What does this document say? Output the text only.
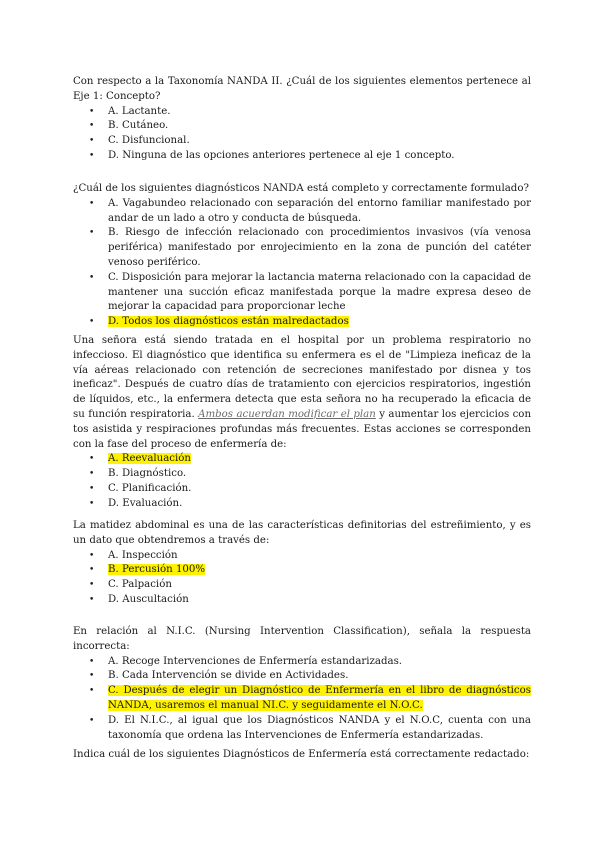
Con respecto a la Taxonomía NANDA II. ¿Cuál de los siguientes elementos pertenece al Eje 1: Concepto?

• A. Lactante.
• B. Cutáneo.
• C. Disfuncional.
• D. Ninguna de las opciones anteriores pertenece al eje 1 concepto.

¿Cuál de los siguientes diagnósticos NANDA está completo y correctamente formulado?

• A. Vagabundeo relacionado con separación del entorno familiar manifestado por andar de un lado a otro y conducta de búsqueda.
• B. Riesgo de infección relacionado con procedimientos invasivos (vía venosa periférica) manifestado por enrojecimiento en la zona de punción del catéter venoso periférico.
• C. Disposición para mejorar la lactancia materna relacionado con la capacidad de mantener una succión eficaz manifestada porque la madre expresa deseo de mejorar la capacidad para proporcionar leche
• D. Todos los diagnósticos están malredactados

Una señora está siendo tratada en el hospital por un problema respiratorio no infeccioso. El diagnóstico que identifica su enfermera es el de "Limpieza ineficaz de la vía aéreas relacionado con retención de secreciones manifestado por disnea y tos ineficaz". Después de cuatro días de tratamiento con ejercicios respiratorios, ingestión de líquidos, etc., la enfermera detecta que esta señora no ha recuperado la eficacia de su función respiratoria. Ambos acuerdan modificar el plan y aumentar los ejercicios con tos asistida y respiraciones profundas más frecuentes. Estas acciones se corresponden con la fase del proceso de enfermería de:

• A. Reevaluación
• B. Diagnóstico.
• C. Planificación.
• D. Evaluación.

La matidez abdominal es una de las características definitorias del estreñimiento, y es un dato que obtendremos a través de:

• A. Inspección
• B. Percusión 100%
• C. Palpación
• D. Auscultación

En relación al N.I.C. (Nursing Intervention Classification), señala la respuesta incorrecta:

• A. Recoge Intervenciones de Enfermería estandarizadas.
• B. Cada Intervención se divide en Actividades.
• C. Después de elegir un Diagnóstico de Enfermería en el libro de diagnósticos NANDA, usaremos el manual NI.C. y seguidamente el N.O.C.
• D. El N.I.C., al igual que los Diagnósticos NANDA y el N.O.C, cuenta con una taxonomía que ordena las Intervenciones de Enfermería estandarizadas.

Indica cuál de los siguientes Diagnósticos de Enfermería está correctamente redactado:
